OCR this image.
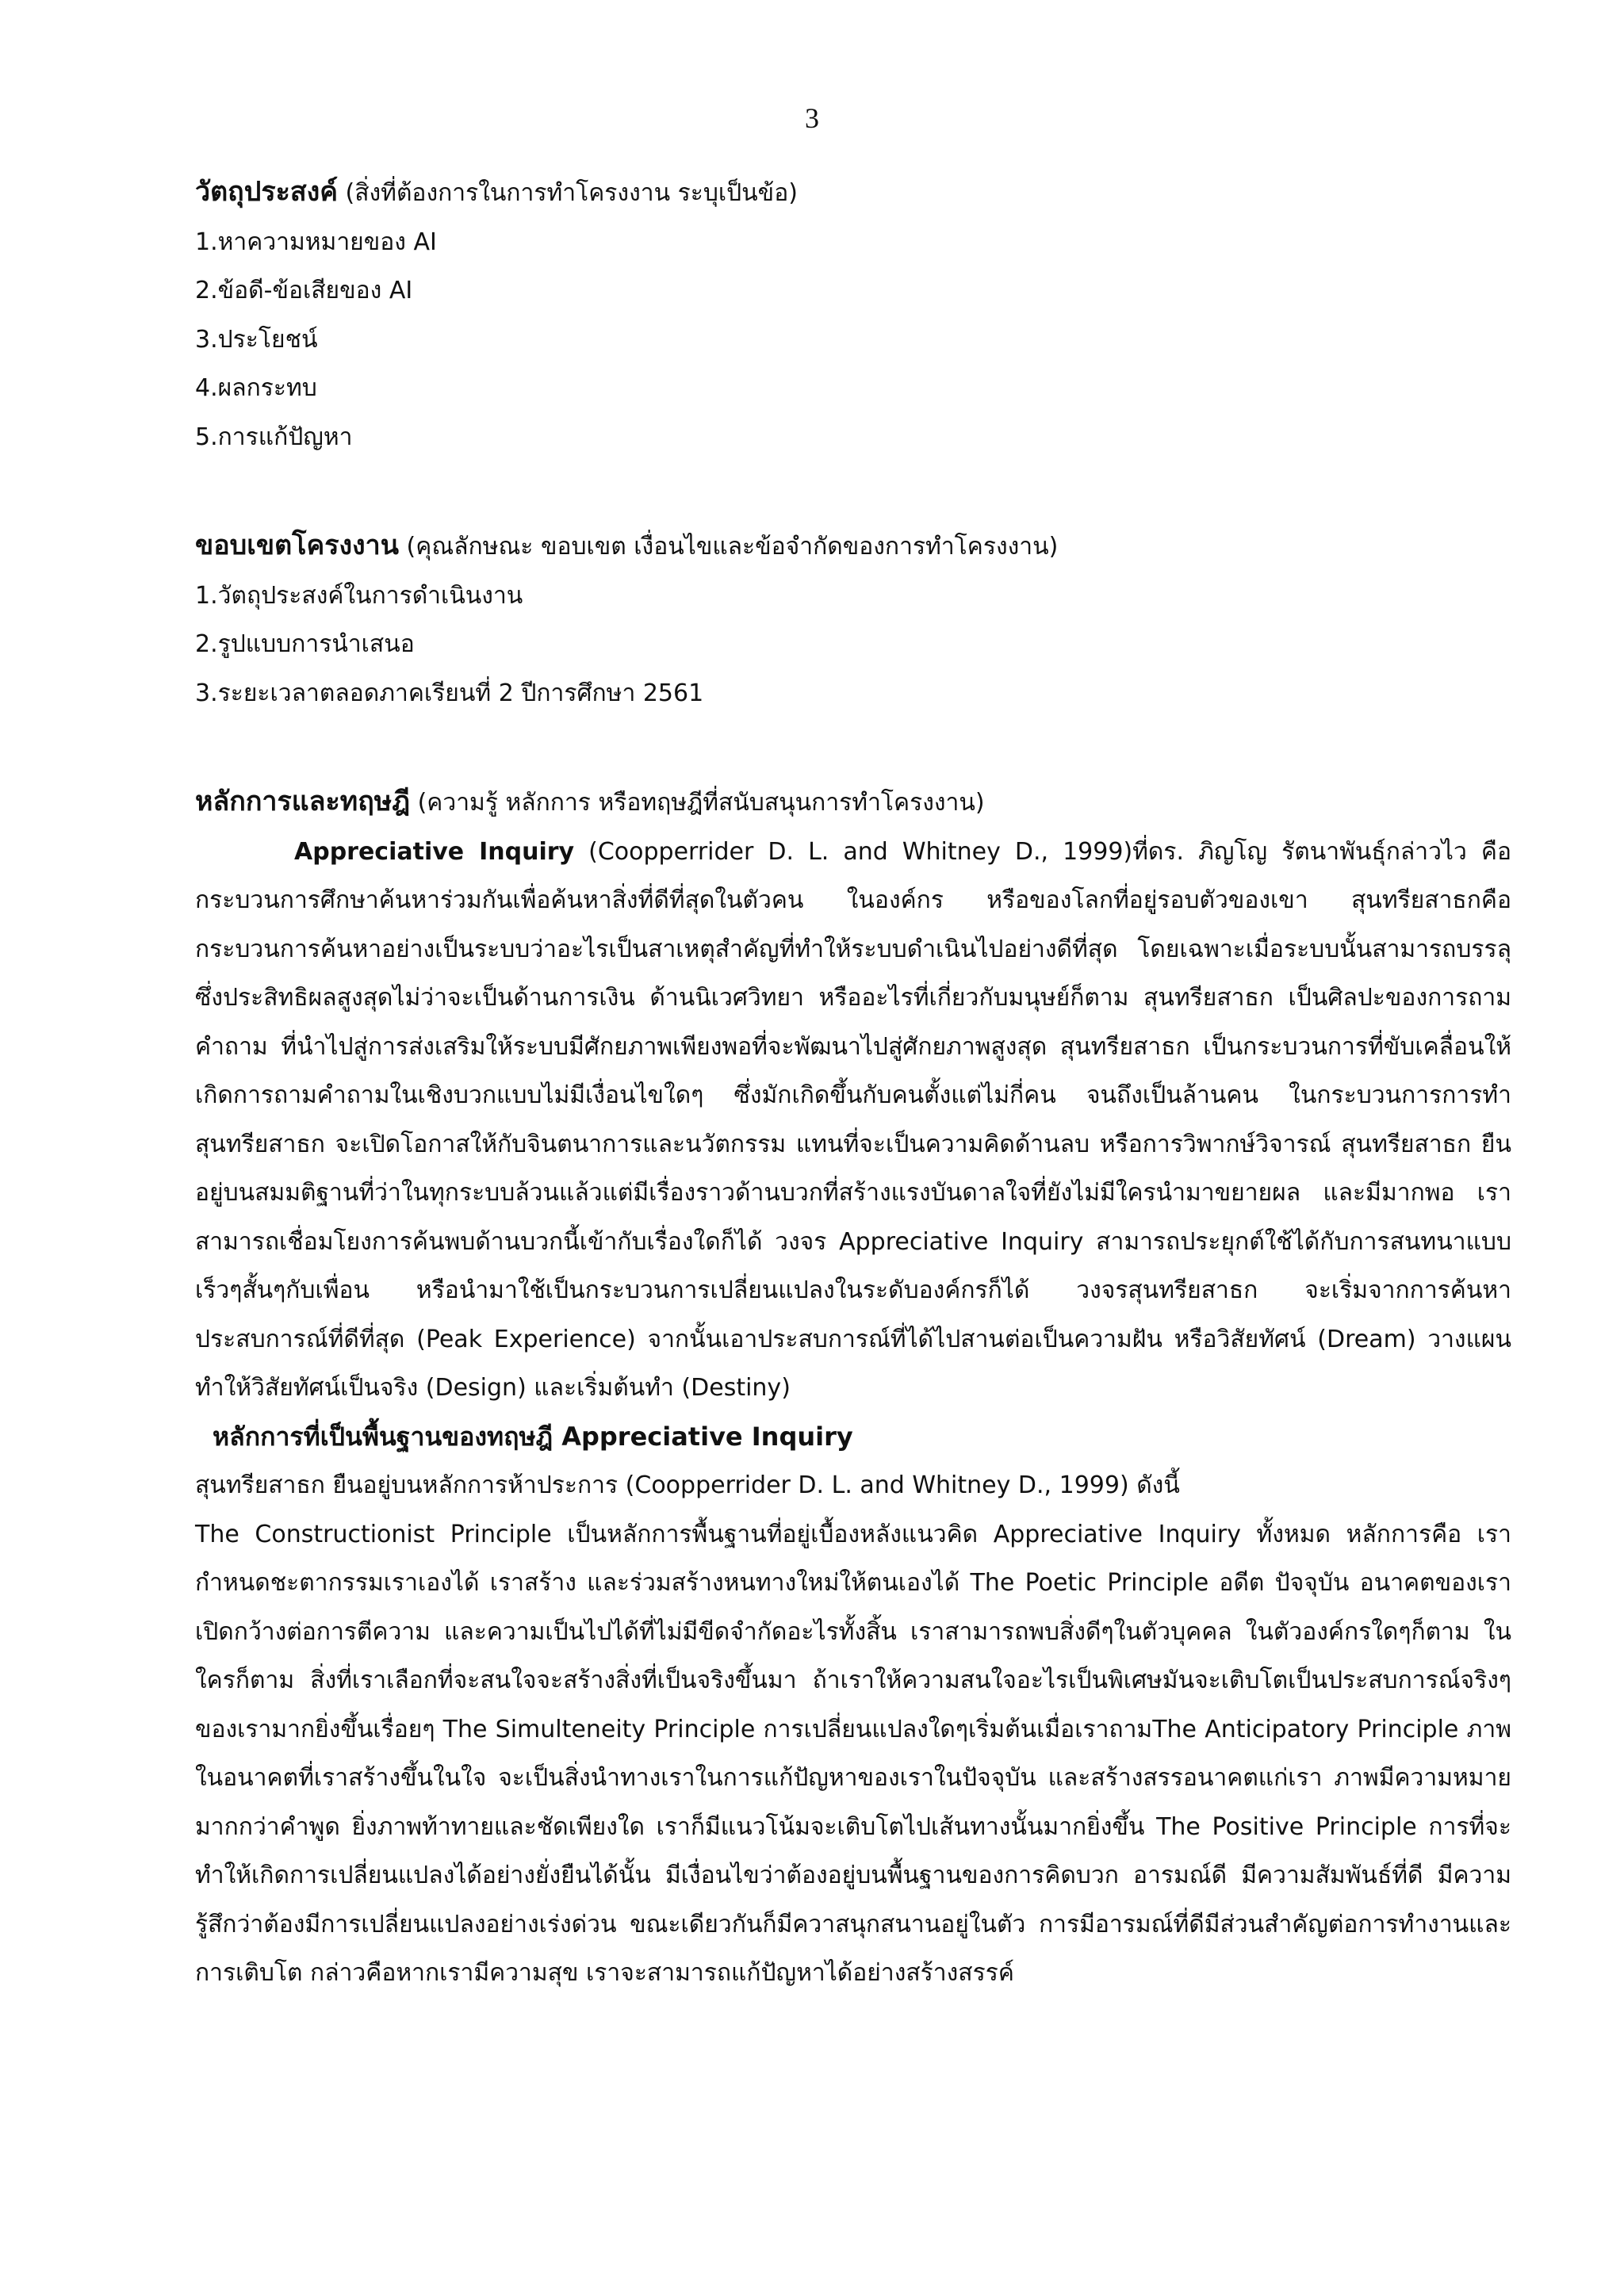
3
วัตถุประสงค์ (สิ่งที่ต้องการในการทำโครงงาน ระบุเป็นข้อ)
1.หาความหมายของ AI
2.ข้อดี-ข้อเสียของ AI
3.ประโยชน์
4.ผลกระทบ
5.การแก้ปัญหา
ขอบเขตโครงงาน (คุณลักษณะ ขอบเขต เงื่อนไขและข้อจำกัดของการทำโครงงาน)
1.วัตถุประสงค์ในการดำเนินงาน
2.รูปแบบการนำเสนอ
3.ระยะเวลาตลอดภาคเรียนที่ 2 ปีการศึกษา 2561
หลักการและทฤษฎี (ความรู้ หลักการ หรือทฤษฎีที่สนับสนุนการทำโครงงาน)

Appreciative Inquiry (Coopperrider D. L. and Whitney D., 1999)ที่ดร. ภิญโญ รัตนาพันธุ์กล่าวไว คือกระบวนการศึกษาค้นหาร่วมกันเพื่อค้นหาสิ่งที่ดีที่สุดในตัวคน ในองค์กร หรือของโลกที่อยู่รอบตัวของเขา สุนทรียสาธกคือกระบวนการค้นหาอย่างเป็นระบบว่าอะไรเป็นสาเหตุสำคัญที่ทำให้ระบบดำเนินไปอย่างดีที่สุด โดยเฉพาะเมื่อระบบนั้นสามารถบรรลุซึ่งประสิทธิผลสูงสุดไม่ว่าจะเป็นด้านการเงิน ด้านนิเวศวิทยา หรืออะไรที่เกี่ยวกับมนุษย์ก็ตาม สุนทรียสาธก เป็นศิลปะของการถามคำถาม ที่นำไปสู่การส่งเสริมให้ระบบมีศักยภาพเพียงพอที่จะพัฒนาไปสู่ศักยภาพสูงสุด สุนทรียสาธก เป็นกระบวนการที่ขับเคลื่อนให้เกิดการถามคำถามในเชิงบวกแบบไม่มีเงื่อนไขใดๆ ซึ่งมักเกิดขึ้นกับคนตั้งแต่ไม่กี่คน จนถึงเป็นล้านคน ในกระบวนการการทำ สุนทรียสาธก จะเปิดโอกาสให้กับจินตนาการและนวัตกรรม แทนที่จะเป็นความคิดด้านลบ หรือการวิพากษ์วิจารณ์ สุนทรียสาธก ยืนอยู่บนสมมติฐานที่ว่าในทุกระบบล้วนแล้วแต่มีเรื่องราวด้านบวกที่สร้างแรงบันดาลใจที่ยังไม่มีใครนำมาขยายผล และมีมากพอ เราสามารถเชื่อมโยงการค้นพบด้านบวกนี้เข้ากับเรื่องใดก็ได้ วงจร Appreciative Inquiry สามารถประยุกต์ใช้ได้กับการสนทนาแบบเร็วๆสั้นๆกับเพื่อน หรือนำมาใช้เป็นกระบวนการเปลี่ยนแปลงในระดับองค์กรก็ได้ วงจรสุนทรียสาธก จะเริ่มจากการค้นหาประสบการณ์ที่ดีที่สุด (Peak Experience) จากนั้นเอาประสบการณ์ที่ได้ไปสานต่อเป็นความฝัน หรือวิสัยทัศน์ (Dream) วางแผนทำให้วิสัยทัศน์เป็นจริง (Design) และเริ่มต้นทำ (Destiny)

หลักการที่เป็นพื้นฐานของทฤษฎี Appreciative Inquiry

สุนทรียสาธก ยืนอยู่บนหลักการห้าประการ (Coopperrider D. L. and Whitney D., 1999) ดังนี้

The Constructionist Principle เป็นหลักการพื้นฐานที่อยู่เบื้องหลังแนวคิด Appreciative Inquiry ทั้งหมด หลักการคือ เรากำหนดชะตากรรมเราเองได้ เราสร้าง และร่วมสร้างหนทางใหม่ให้ตนเองได้ The Poetic Principle อดีต ปัจจุบัน อนาคตของเราเปิดกว้างต่อการตีความ และความเป็นไปได้ที่ไม่มีขีดจำกัดอะไรทั้งสิ้น เราสามารถพบสิ่งดีๆในตัวบุคคล ในตัวองค์กรใดๆก็ตาม ในใครก็ตาม สิ่งที่เราเลือกที่จะสนใจจะสร้างสิ่งที่เป็นจริงขึ้นมา ถ้าเราให้ความสนใจอะไรเป็นพิเศษมันจะเติบโตเป็นประสบการณ์จริงๆของเรามากยิ่งขึ้นเรื่อยๆ The Simulteneity Principle การเปลี่ยนแปลงใดๆเริ่มต้นเมื่อเราถามThe Anticipatory Principle ภาพในอนาคตที่เราสร้างขึ้นในใจ จะเป็นสิ่งนำทางเราในการแก้ปัญหาของเราในปัจจุบัน และสร้างสรรอนาคตแก่เรา ภาพมีความหมายมากกว่าคำพูด ยิ่งภาพท้าทายและชัดเพียงใด เราก็มีแนวโน้มจะเติบโตไปเส้นทางนั้นมากยิ่งขึ้น The Positive Principle การที่จะทำให้เกิดการเปลี่ยนแปลงได้อย่างยั่งยืนได้นั้น มีเงื่อนไขว่าต้องอยู่บนพื้นฐานของการคิดบวก อารมณ์ดี มีความสัมพันธ์ที่ดี มีความรู้สึกว่าต้องมีการเปลี่ยนแปลงอย่างเร่งด่วน ขณะเดียวกันก็มีควาสนุกสนานอยู่ในตัว การมีอารมณ์ที่ดีมีส่วนสำคัญต่อการทำงานและการเติบโต กล่าวคือหากเรามีความสุข เราจะสามารถแก้ปัญหาได้อย่างสร้างสรรค์
